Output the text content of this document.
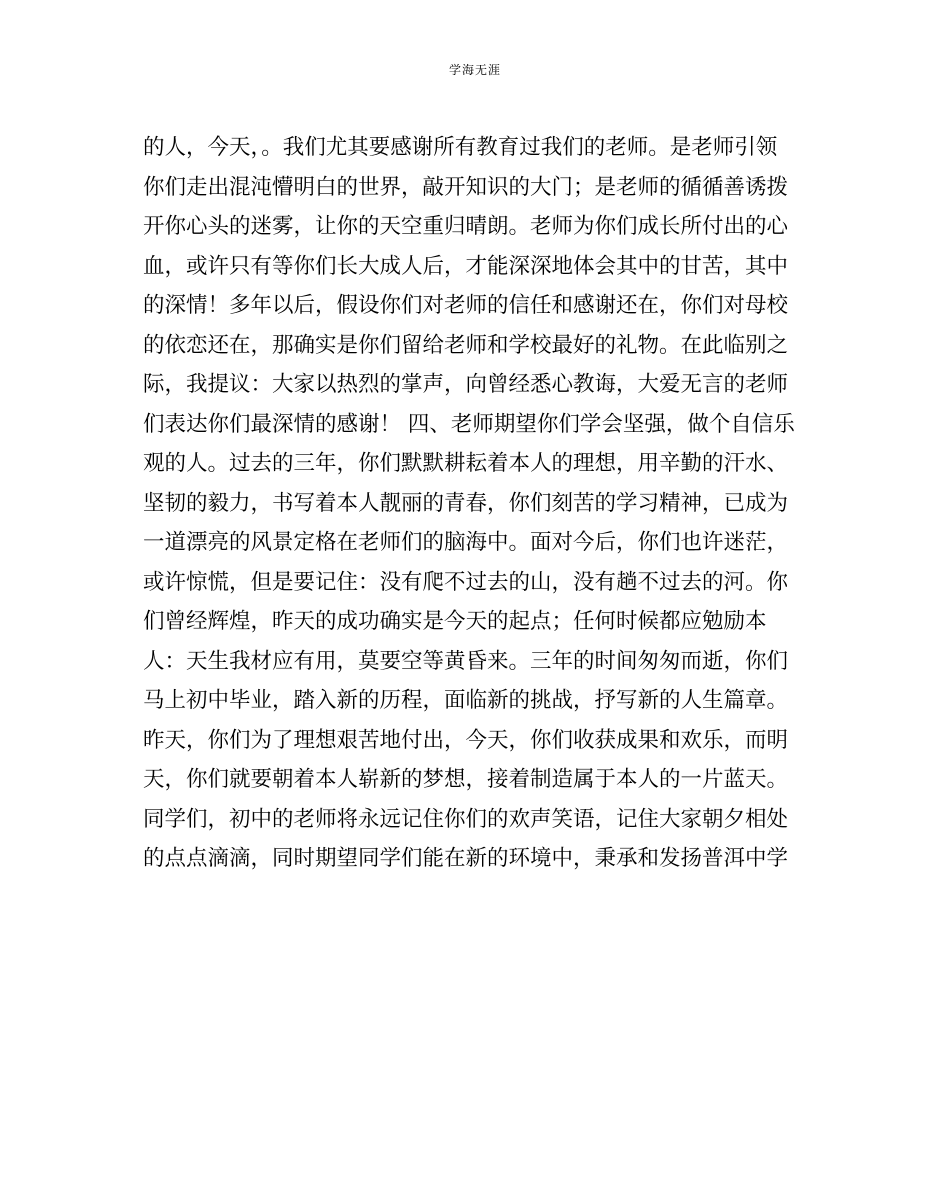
学海无涯
的人，今天，。我们尤其要感谢所有教育过我们的老师。是老师引领
你们走出混沌懵明白的世界，敲开知识的大门；是老师的循循善诱拨
开你心头的迷雾，让你的天空重归晴朗。老师为你们成长所付出的心
血，或许只有等你们长大成人后，才能深深地体会其中的甘苦，其中
的深情！多年以后，假设你们对老师的信任和感谢还在，你们对母校
的依恋还在，那确实是你们留给老师和学校最好的礼物。在此临别之
际，我提议：大家以热烈的掌声，向曾经悉心教诲，大爱无言的老师
们表达你们最深情的感谢！ 四、老师期望你们学会坚强，做个自信乐
观的人。过去的三年，你们默默耕耘着本人的理想，用辛勤的汗水、
坚韧的毅力，书写着本人靓丽的青春，你们刻苦的学习精神，已成为
一道漂亮的风景定格在老师们的脑海中。面对今后，你们也许迷茫，
或许惊慌，但是要记住：没有爬不过去的山，没有趟不过去的河。你
们曾经辉煌，昨天的成功确实是今天的起点；任何时候都应勉励本
人：天生我材应有用，莫要空等黄昏来。三年的时间匆匆而逝，你们
马上初中毕业，踏入新的历程，面临新的挑战，抒写新的人生篇章。
昨天，你们为了理想艰苦地付出，今天，你们收获成果和欢乐，而明
天，你们就要朝着本人崭新的梦想，接着制造属于本人的一片蓝天。
同学们，初中的老师将永远记住你们的欢声笑语，记住大家朝夕相处
的点点滴滴，同时期望同学们能在新的环境中，秉承和发扬普洱中学
